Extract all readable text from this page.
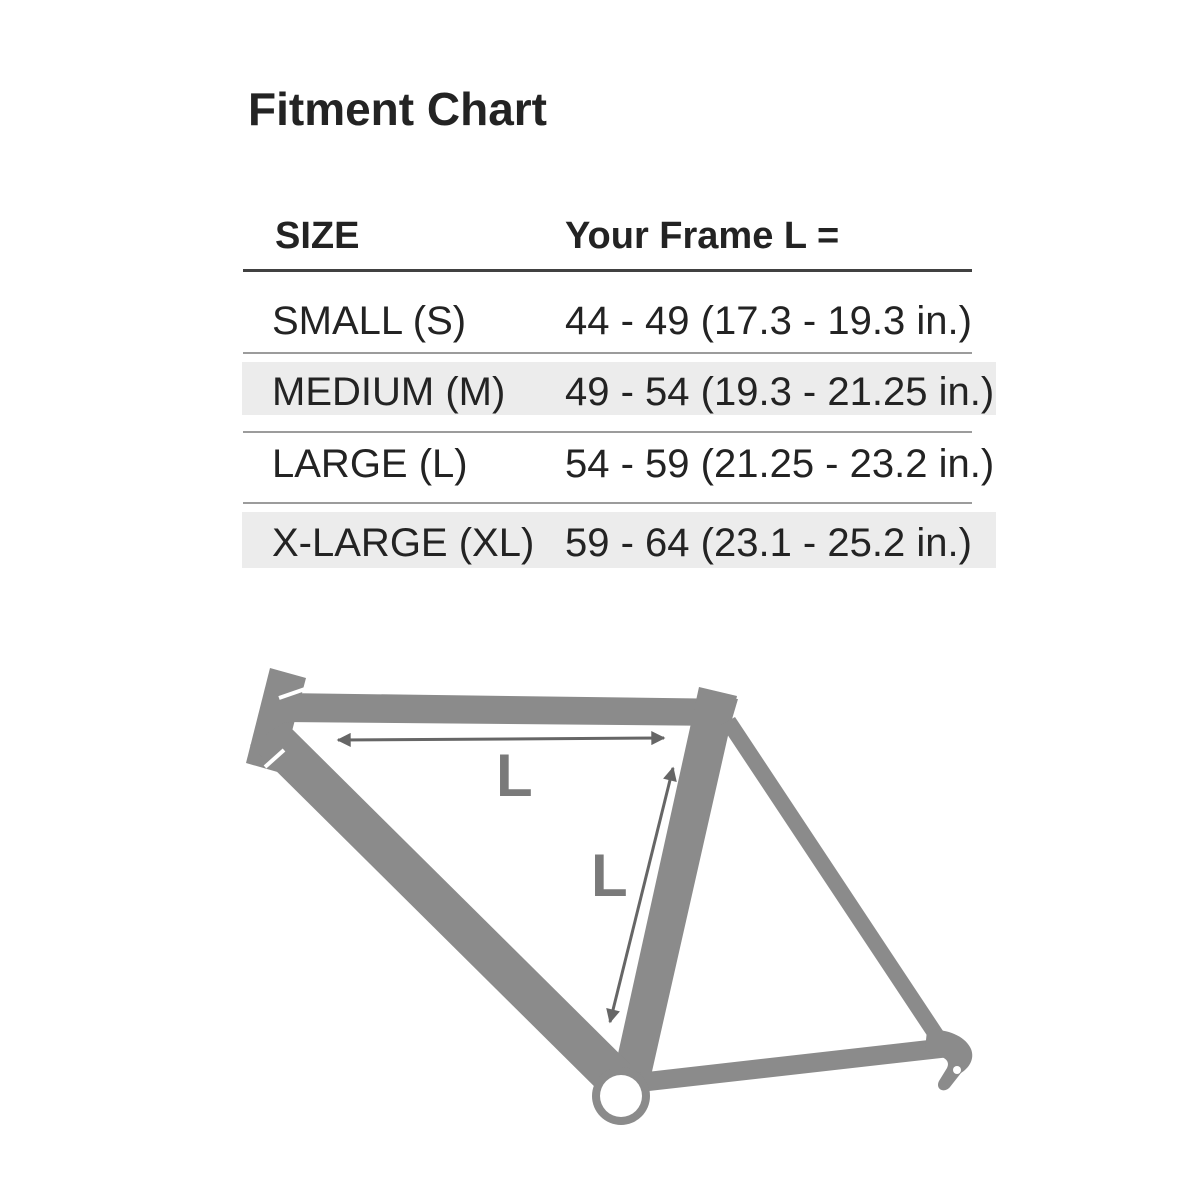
Fitment Chart
SIZE	Your Frame L =
SMALL (S) 44 - 49 (17.3 - 19.3 in.)
MEDIUM (M) 49 - 54 (19.3 - 21.25 in.)
LARGE (L) 54 - 59 (21.25 - 23.2 in.)
X-LARGE (XL) 59 - 64 (23.1 - 25.2 in.)
L
L
